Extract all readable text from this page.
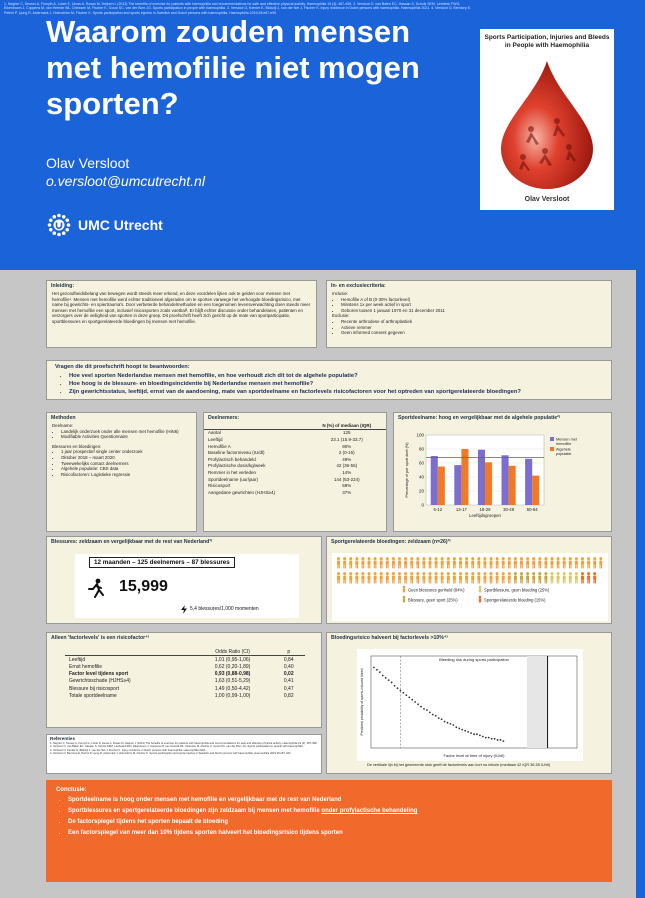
1. Negrier C, Seuser A, Forsyth A, Lobet S, Llinas A, Rosas M, Heijnen L (2013) The benefits of exercise for patients with haemophilia and recommendations for safe and effective physical activity. Haemophilia 19 (4): 487-498. 2. Versloot O, van Balen EC, Hassan S, Schols SEM, Leebeek FWG, Eikenboom J, Coppens M, van Heerde WL, Driessen M, Fischer K, Gouw SC, van der Bom JG. Sports participation in people with haemophilia. 3. Versloot O, Kemler E, Blokzijl J, van der Net J, Fischer K. Injury incidence in Dutch persons with haemophilia. Haemophilia 2021. 4. Versloot O, Berntorp E, Petrini P, Ljung R, Astermark J, Holmström M, Fischer K. Sports participation and sports injuries in Swedish and Dutch persons with haemophilia. Haemophilia 2019;25:e87-e90.
Waarom zouden mensen met hemofilie niet mogen sporten?
Olav Versloot
o.versloot@umcutrecht.nl
UMC Utrecht
Sports Participation, Injuries and Bleeds
in People with Haemophilia
Olav Versloot
Inleiding:
Het gezondheidsbelang van bewegen wordt steeds meer erkend, en deze voordelen lijken ook te gelden voor mensen met hemofilie¹. Mensen met hemofilie werd echter traditioneel afgeraden om te sporten vanwege het verhoogde bloedingsrisico, met name bij gewrichts- en spiertrauma's. Door verbeterde behandelmethoden en een toegenomen levensverwachting doen steeds meer mensen met hemofilie een sport, inclusief risicosporten zoals voetbal². Er blijft echter discussie onder behandelaren, patiënten en verzorgers over de veiligheid van sporten in deze groep. Dit proefschrift heeft zich gericht op de mate van sportparticipatie, sportblessures en sportgerelateerde bloedingen bij mensen met hemofilie.
In- en exclusiecriteria:
Inclusie:
• Hemofilie A of B (0-30% factorlevel)
• Minstens 1x per week actief in sport
• Geboren tussen 1 januari 1970 en 31 december 2011
Exclusie:
• Recente arthrodese of arthroplastiek
• Actieve remmer
• Geen informed consent gegeven
Vragen die dit proefschrift hoopt te beantwoorden:
• Hoe veel sporten Nederlandse mensen met hemofilie, en hoe verhoudt zich dit tot de algehele populatie?
• Hoe hoog is de blessure- en bloedingsincidentie bij Nederlandse mensen met hemofilie?
• Zijn gewrichtsstatus, leeftijd, ernst van de aandoening, mate van sportdeelname en factorlevels risicofactoren voor het optreden van sportgerelateerde bloedingen?
Methoden
Deelname:
• Landelijk onderzoek onder alle mensen met hemofilie (HiN6)
• Modifiable Activities Questionnaire
Blessures en bloedingen:
• 1 jaar prospectief single center onderzoek
• Oktober 2018 – maart 2020
• Tweewekelijks contact deelnemers
• Algehele populatie: CBS data
• Risicofactoren: Logistieke regressie
Deelnemers:
	N (%) of mediaan (IQR)
Aantal	125
Leeftijd	23.1 (15.9-33.7)
Hemofilie A	90%
Baseline factorniveau (IU/dl)	2 (0-15)
Profylactisch behandeld	49%
Profylactische dosis/kg/week	42 (36-55)
Remmer in het verleden	14%
Sportdeelname (uur/jaar)	144 (53-224)
Risicosport	59%
Aangedane gewrichten (HJHS≥4)	37%
Sportdeelname: hoog en vergelijkbaar met de algehele populatie²⁾
0
20
40
60
80
100
6-12	13-17	18-29	30-49	50-64
Leeftijdsgroepen
Percentage of per sport doet (%)
Mensen met hemofilie
Algehele populatie
Blessures: zeldzaam en vergelijkbaar met de rest van Nederland³⁾
12 maanden – 125 deelnemers – 87 blessures
15,999
5,4 blessures/1,000 momenten
Sportgerelateerde bloedingen: zeldzaam (n=26)³⁾
Geen blessures genheld (84%)
Blessure, geen sport (25%)
Sportblessure, geen bloeding (25%)
Sportgerelateerde bloeding (15%)
Alleen 'factorlevels' is een risicofactor⁴⁾
	Odds Ratio (CI)	p
Leeftijd	1,01 (0,95-1,06)	0,84
Ernst hemofilie	0,62 (0,20-1,89)	0,40
Factor level tijdens sport	0,93 (0,88-0,98)	0,02
Gewrichtsschade (HJHS≥4)	1,63 (0,51-5,29)	0,41
Blessure bij risicosport	1,49 (0,50-4,42)	0,47
Totale sportdeelname	1,00 (0,99-1,00)	0,82
Bloedingsrisico halveert bij factorlevels >10%⁴⁾
Bleeding risk during sports participation
Factor level at time of injury (IU/dl)
Predicted probability of sports-induced bleed
De vertikale lijn bij het gesmeerde stuk geeft de factorlevels aan kort na infusie (mediaan 42 IQR 36-55 IU/dl)
Referenties
1. Negrier C, Seuser A, Forsyth A, Lobet S, Llinas A, Rosas M, Heijnen L (2013) The benefits of exercise for patients with haemophilia and recommendations for safe and effective physical activity. Haemophilia 19 (4): 487-498.
2. Versloot O, van Balen EC, Hassan S, Schols SEM, Leebeek FWG, Eikenboom J, Coppens M, van Heerde WL, Driessen M, Fischer K, Gouw SC, van der Bom JG. Sports participation in people with haemophilia.
3. Versloot O, Kemler E, Blokzijl J, van der Net J, Fischer K. Injury incidence in Dutch persons with haemophilia. Haemophilia 2021.
4. Versloot O, Berntorp E, Petrini P, Ljung R, Astermark J, Holmström M, Fischer K. Sports participation and sports injuries in Swedish and Dutch persons with haemophilia. Haemophilia 2019;25:e87-e90.
Conclusie:
• Sportdeelname is hoog onder mensen met hemofilie en vergelijkbaar met de rest van Nederland
• Sportblessures en sportgerelateerde bloedingen zijn zeldzaam bij mensen met hemofilie onder profylactische behandeling
• De factorspiegel tijdens het sporten bepaalt de bloeding
• Een factorspiegel van meer dan 10% tijdens sporten halveert het bloedingsrisico tijdens sporten
